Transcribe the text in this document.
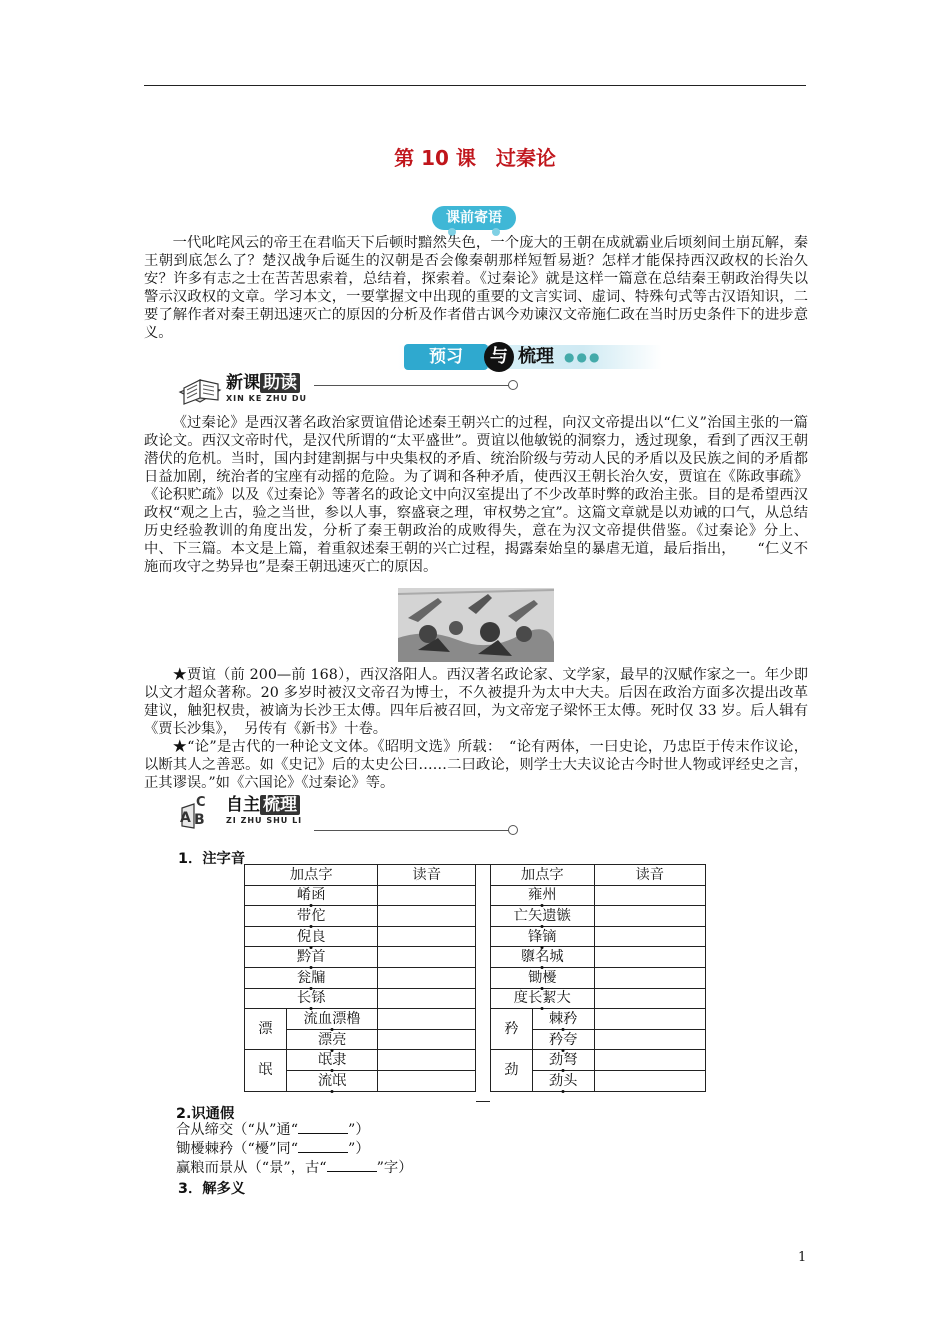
第 10 课　过秦论
课前寄语

一代叱咤风云的帝王在君临天下后顿时黯然失色，一个庞大的王朝在成就霸业后顷刻间土崩瓦解，秦王朝到底怎么了？楚汉战争后诞生的汉朝是否会像秦朝那样短暂易逝？怎样才能保持西汉政权的长治久安？许多有志之士在苦苦思索着，总结着，探索着。《过秦论》就是这样一篇意在总结秦王朝政治得失以警示汉政权的文章。学习本文，一要掌握文中出现的重要的文言实词、虚词、特殊句式等古汉语知识，二要了解作者对秦王朝迅速灭亡的原因的分析及作者借古讽今劝谏汉文帝施仁政在当时历史条件下的进步意义。

预习	与 梳理 ●●●
新课 助读
XIN KE ZHU DU

《过秦论》是西汉著名政治家贾谊借论述秦王朝兴亡的过程，向汉文帝提出以“仁义”治国主张的一篇政论文。西汉文帝时代，是汉代所谓的“太平盛世”。贾谊以他敏锐的洞察力，透过现象，看到了西汉王朝潜伏的危机。当时，国内封建割据与中央集权的矛盾、统治阶级与劳动人民的矛盾以及民族之间的矛盾都日益加剧，统治者的宝座有动摇的危险。为了调和各种矛盾，使西汉王朝长治久安，贾谊在《陈政事疏》《论积贮疏》以及《过秦论》等著名的政论文中向汉室提出了不少改革时弊的政治主张。目的是希望西汉政权“观之上古，验之当世，参以人事，察盛衰之理，审权势之宜”。这篇文章就是以劝诫的口气，从总结历史经验教训的角度出发，分析了秦王朝政治的成败得失，意在为汉文帝提供借鉴。《过秦论》分上、中、下三篇。本文是上篇，着重叙述秦王朝的兴亡过程，揭露秦始皇的暴虐无道，最后指出，　　“仁义不施而攻守之势异也”是秦王朝迅速灭亡的原因。

★贾谊（前 200—前 168），西汉洛阳人。西汉著名政论家、文学家，最早的汉赋作家之一。年少即以文才超众著称。20 多岁时被汉文帝召为博士，不久被提升为太中大夫。后因在政治方面多次提出改革建议，触犯权贵，被谪为长沙王太傅。四年后被召回，为文帝宠子梁怀王太傅。死时仅 33 岁。后人辑有《贾长沙集》，　另传有《新书》十卷。

★“论”是古代的一种论文文体。《昭明文选》所载：　“论有两体，一曰史论，乃忠臣于传末作议论，以断其人之善恶。如《史记》后的太史公曰……二曰政论，则学士大夫议论古今时世人物或评经史之言，正其谬误。”如《六国论》《过秦论》等。

C
A B
自主 梳理
ZI ZHU SHU LI
1．注字音
加点字		读音
崤函		
带佗		
倪良		
黔首		
瓮牖		
长铩		
漂	流血漂橹	
	漂亮	
氓	氓隶	
	流氓	
加点字		读音
雍州		
亡矢遗镞		
锋镝		
隳名城		
锄櫌		
度长絜大		
矜	棘矜	
	矜夸	
劲	劲弩	
	劲头	
2.识通假
合从缔交（“从”通“	”）
锄櫌棘矜（“櫌”同“	”）
赢粮而景从（“景”，古“	”字）
3．解多义
1
